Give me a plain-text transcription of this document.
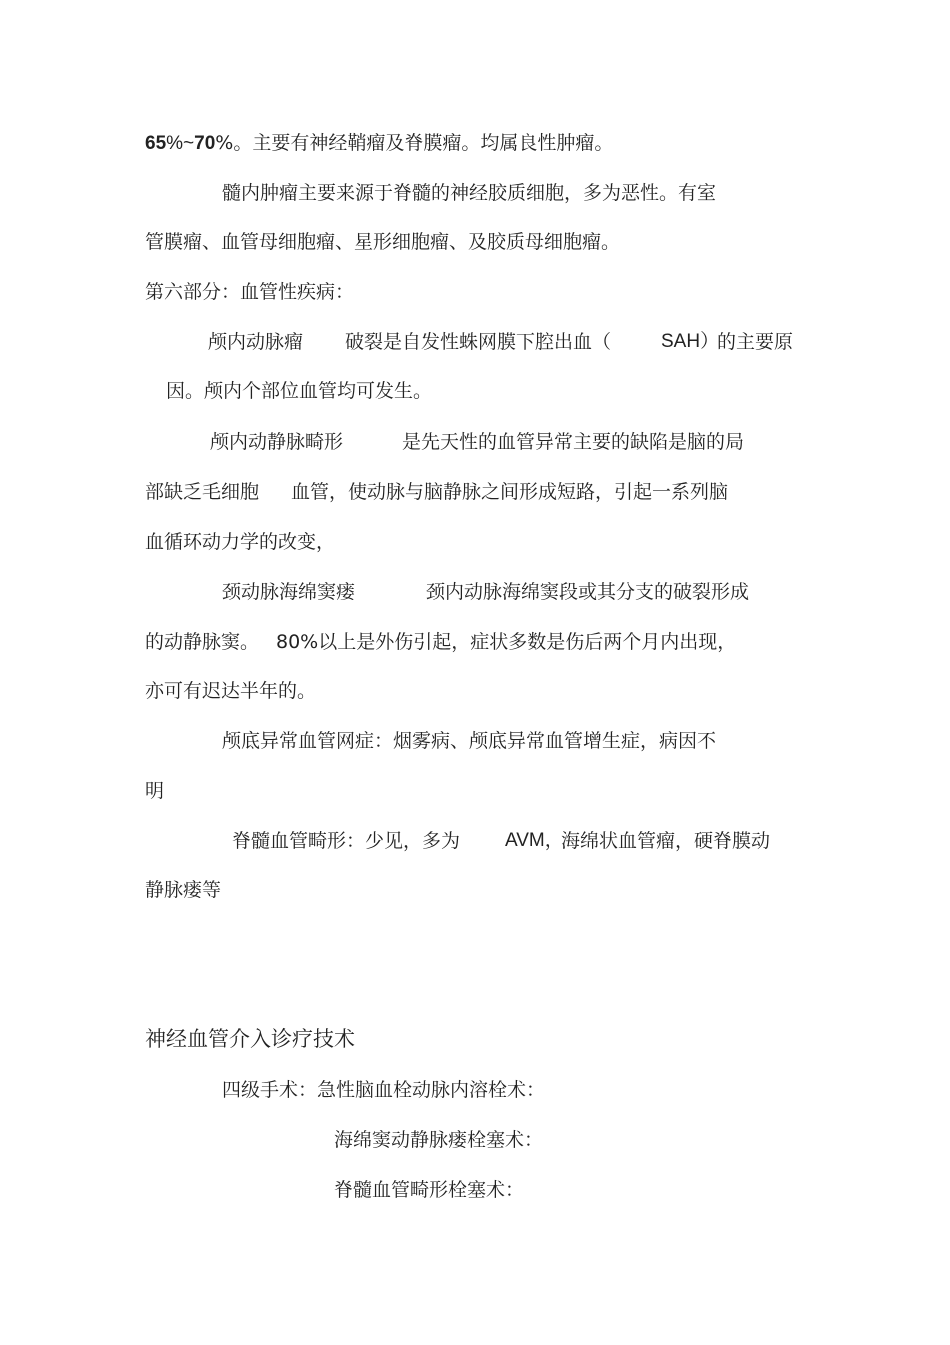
65%~70%。主要有神经鞘瘤及脊膜瘤。均属良性肿瘤。
髓内肿瘤主要来源于脊髓的神经胶质细胞，多为恶性。有室
管膜瘤、血管母细胞瘤、星形细胞瘤、及胶质母细胞瘤。
第六部分：血管性疾病：
颅内动脉瘤 破裂是自发性蛛网膜下腔出血（	SAH）
的主要原
因。颅内个部位血管均可发生。
颅内动静脉畸形	是先天性的血管异常主要的缺陷是脑的局
部缺乏毛细胞 血管，使动脉与脑静脉之间形成短路，引起一系列脑
血循环动力学的改变，
颈动脉海绵窦瘘	颈内动脉海绵窦段或其分支的破裂形成
的动静脉窦。 80%以上是外伤引起，症状多数是伤后两个月内出现，
亦可有迟达半年的。
颅底异常血管网症：烟雾病、颅底异常血管增生症，病因不
明
脊髓血管畸形：少见，多为 AVM，
海绵状血管瘤，硬脊膜动
静脉瘘等
神经血管介入诊疗技术
四级手术：急性脑血栓动脉内溶栓术：
海绵窦动静脉瘘栓塞术：
脊髓血管畸形栓塞术：
